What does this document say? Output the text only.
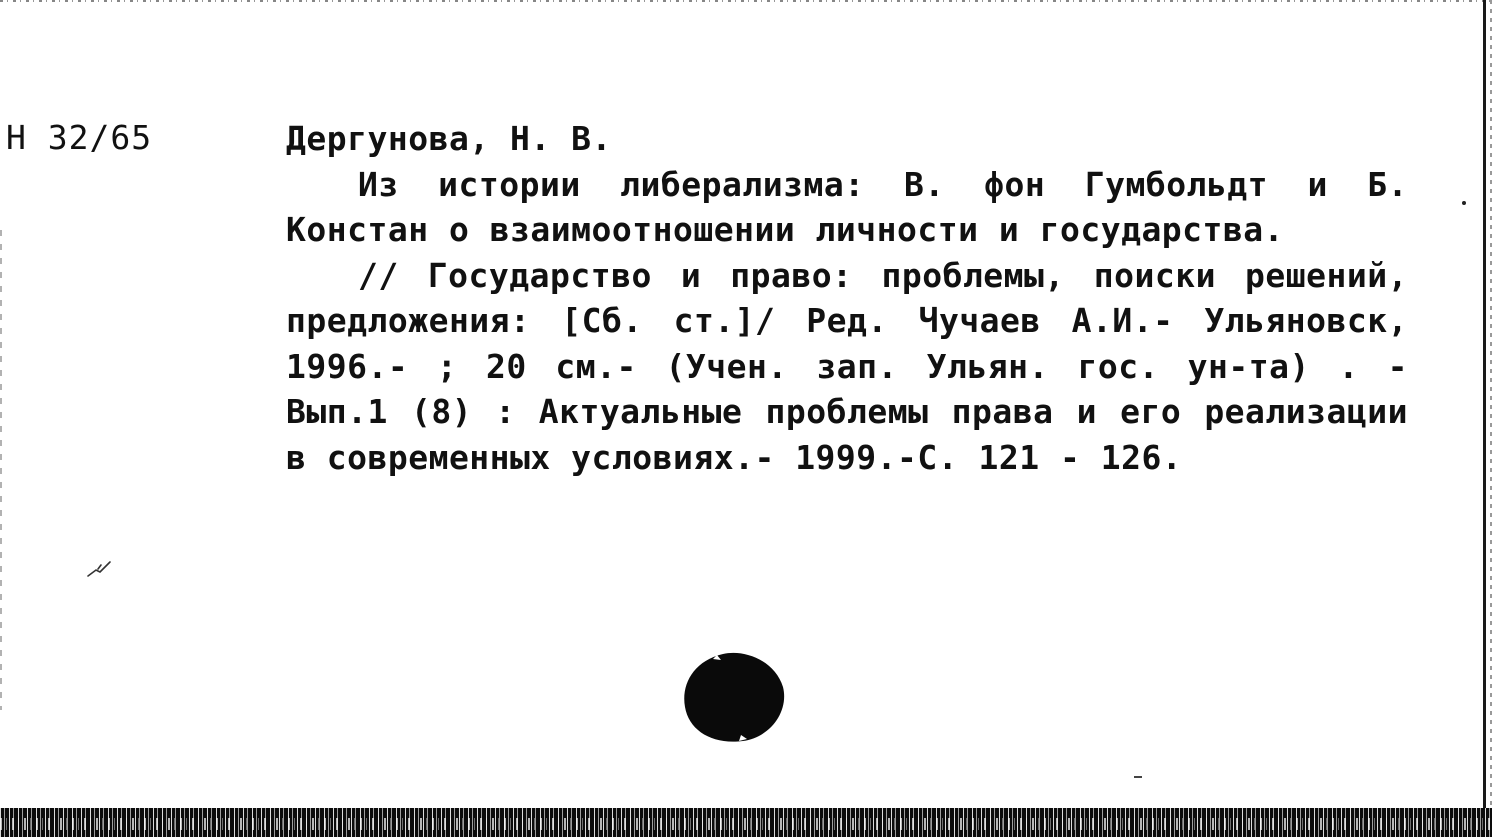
Н 32/65	Дергунова, Н. В.

Из истории либерализма: В. фон Гумбольдт и Б. Констан о взаимоотношении личности и государства.

// Государство и право: проблемы, поиски решений, предложения: [Сб. ст.]/ Ред. Чучаев А.И.- Ульяновск, 1996.- ; 20 см.- (Учен. зап. Ульян. гос. ун-та) . - Вып.1 (8) : Актуальные проблемы права и его реализации в современных условиях.- 1999.-С. 121 - 126.
